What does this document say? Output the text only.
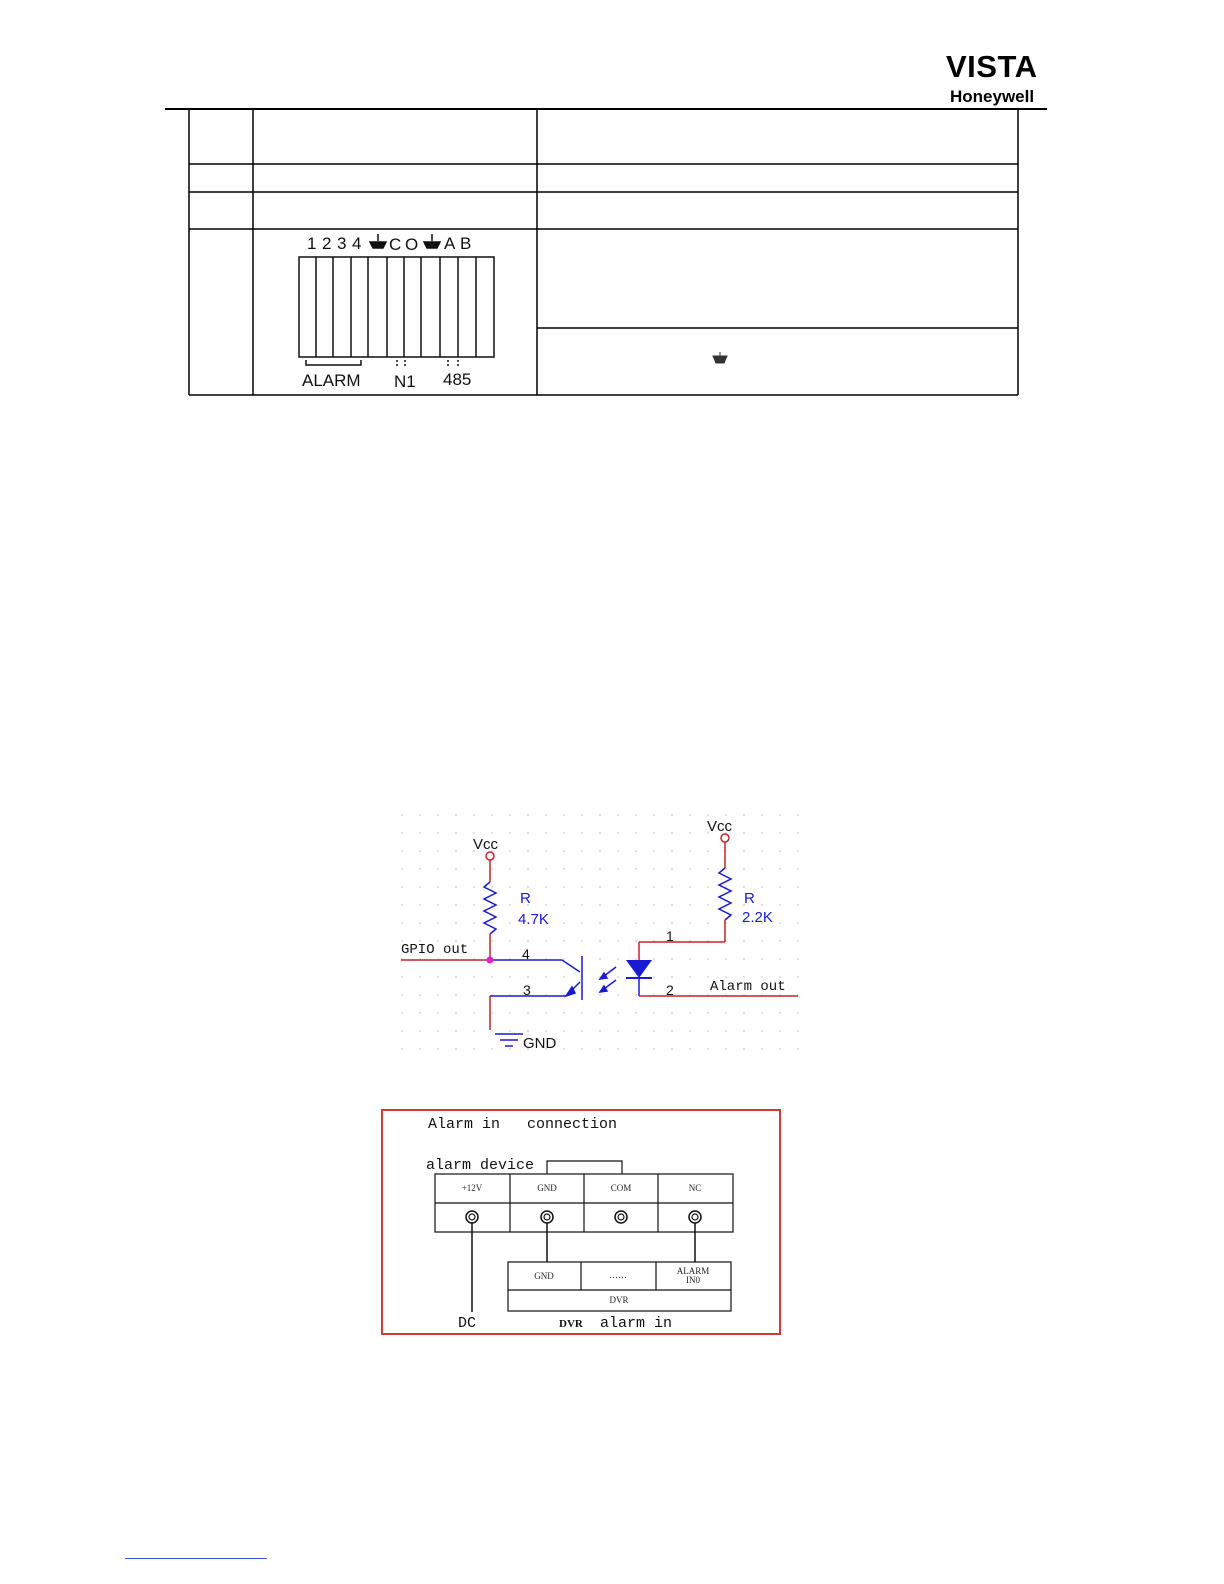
VISTA
Honeywell
1 2 3 4 C O A B
ALARM N1 485
Vcc
Vcc
GND
R
4.7K
R
2.2K
4
3
1
2
GPIO out
Alarm out
Alarm in   connection
alarm device
+12V	GND	COM	NC
GND	……	ALARM
IN0
DVR
DC	DVR alarm in
